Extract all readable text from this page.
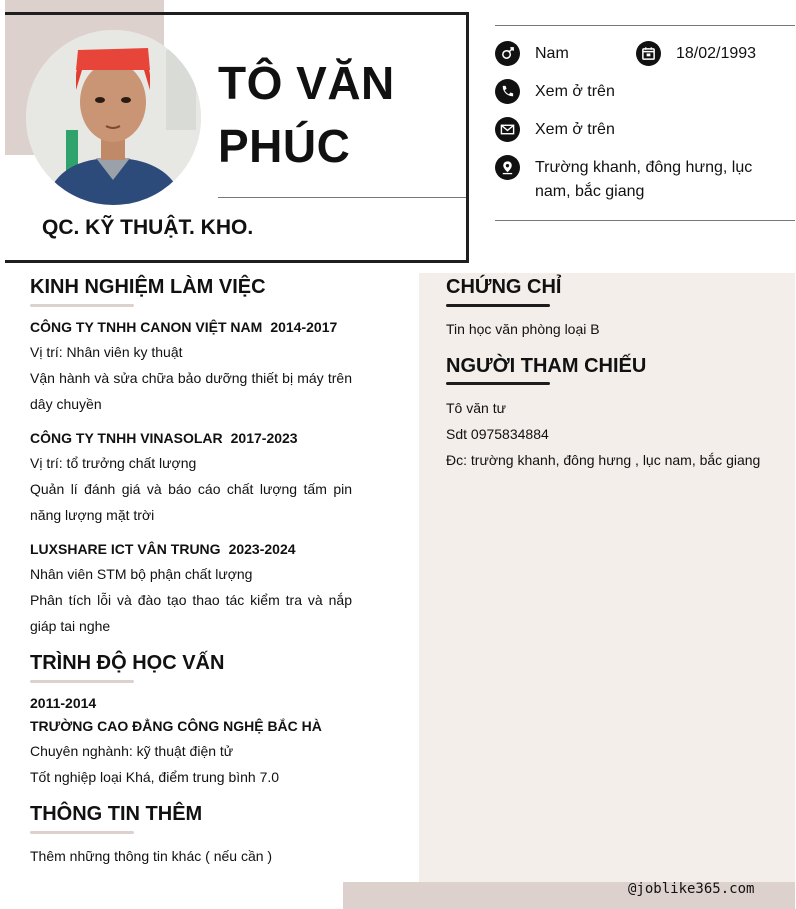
TÔ VĂN
PHÚC
QC. KỸ THUẬT. KHO.
Nam	18/02/1993
Xem ở trên
Xem ở trên
Trường khanh, đông hưng, lục
nam, bắc giang
@joblike365.com
KINH NGHIỆM LÀM VIỆC
CÔNG TY TNHH CANON VIỆT NAM 2014-2017
Vị trí: Nhân viên ky thuật
Vận hành và sửa chữa bảo dưỡng thiết bị máy trên
dây chuyền
CÔNG TY TNHH VINASOLAR 2017-2023
Vị trí: tổ trưởng chất lượng
Quản lí đánh giá và báo cáo chất lượng tấm pin
năng lượng mặt trời
LUXSHARE ICT VÂN TRUNG 2023-2024
Nhân viên STM bộ phận chất lượng
Phân tích lỗi và đào tạo thao tác kiểm tra và nắp
giáp tai nghe
TRÌNH ĐỘ HỌC VẤN
2011-2014
TRƯỜNG CAO ĐẲNG CÔNG NGHỆ BẮC HÀ
Chuyên nghành: kỹ thuật điện tử
Tốt nghiệp loại Khá, điểm trung bình 7.0
THÔNG TIN THÊM
Thêm những thông tin khác ( nếu cần )
CHỨNG CHỈ
Tin học văn phòng loại B
NGƯỜI THAM CHIẾU
Tô văn tư
Sdt 0975834884
Đc: trường khanh, đông hưng , lục nam, bắc giang
